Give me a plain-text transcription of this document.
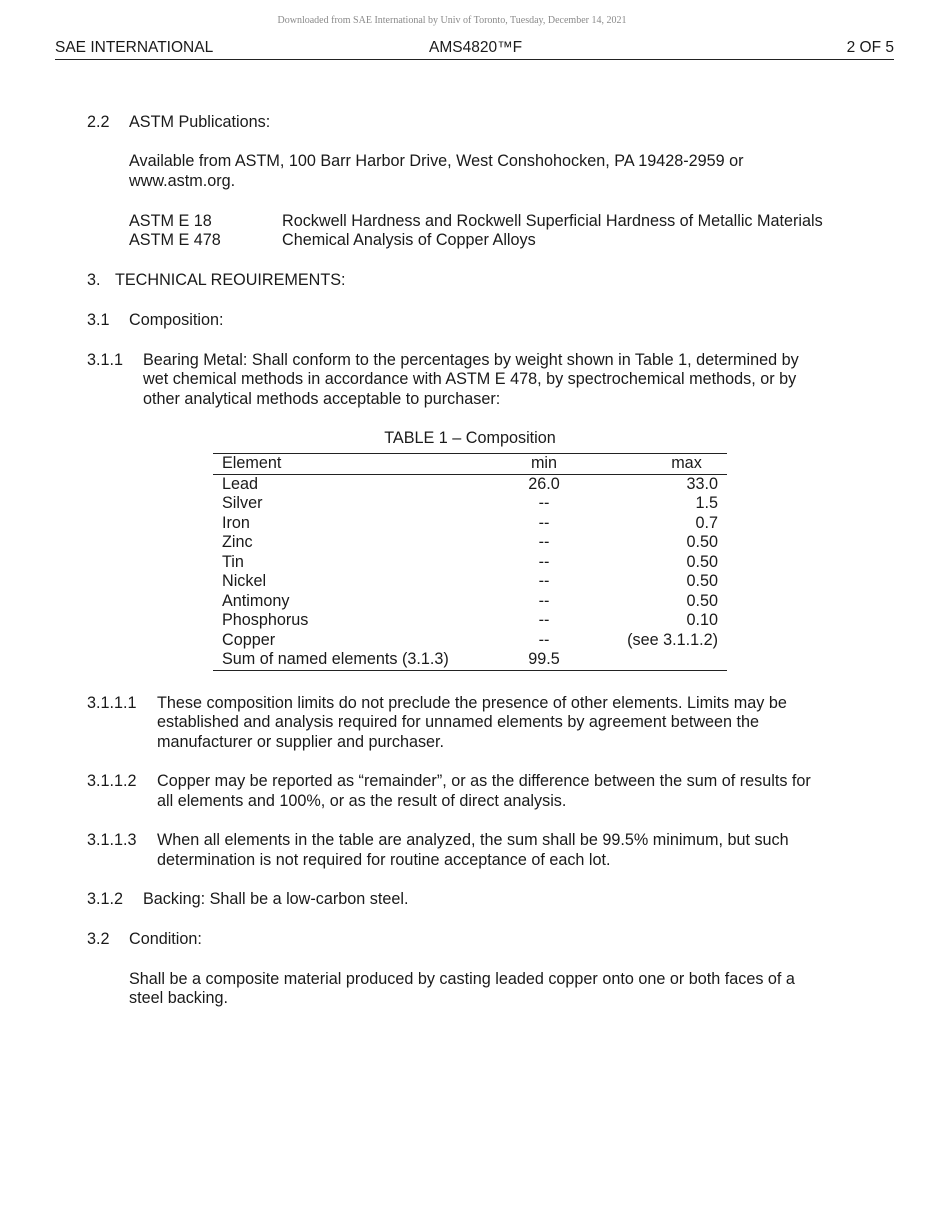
Downloaded from SAE International by Univ of Toronto, Tuesday, December 14, 2021
SAE INTERNATIONAL	AMS4820™F	2 OF 5
2.2 ASTM Publications:
Available from ASTM, 100 Barr Harbor Drive, West Conshohocken, PA 19428-2959 or
www.astm.org.
ASTM E 18	Rockwell Hardness and Rockwell Superficial Hardness of Metallic Materials
ASTM E 478	Chemical Analysis of Copper Alloys
3. TECHNICAL REOUIREMENTS:
3.1 Composition:
3.1.1 Bearing Metal: Shall conform to the percentages by weight shown in Table 1, determined by
wet chemical methods in accordance with ASTM E 478, by spectrochemical methods, or by
other analytical methods acceptable to purchaser:
TABLE 1 – Composition
Element	min	max
Lead	26.0	33.0
Silver	--	1.5
Iron	--	0.7
Zinc	--	0.50
Tin	--	0.50
Nickel	--	0.50
Antimony	--	0.50
Phosphorus	--	0.10
Copper	--	(see 3.1.1.2)
Sum of named elements (3.1.3)	99.5	
3.1.1.1 These composition limits do not preclude the presence of other elements. Limits may be
established and analysis required for unnamed elements by agreement between the
manufacturer or supplier and purchaser.
3.1.1.2 Copper may be reported as “remainder”, or as the difference between the sum of results for
all elements and 100%, or as the result of direct analysis.
3.1.1.3 When all elements in the table are analyzed, the sum shall be 99.5% minimum, but such
determination is not required for routine acceptance of each lot.
3.1.2 Backing: Shall be a low-carbon steel.
3.2 Condition:
Shall be a composite material produced by casting leaded copper onto one or both faces of a
steel backing.
